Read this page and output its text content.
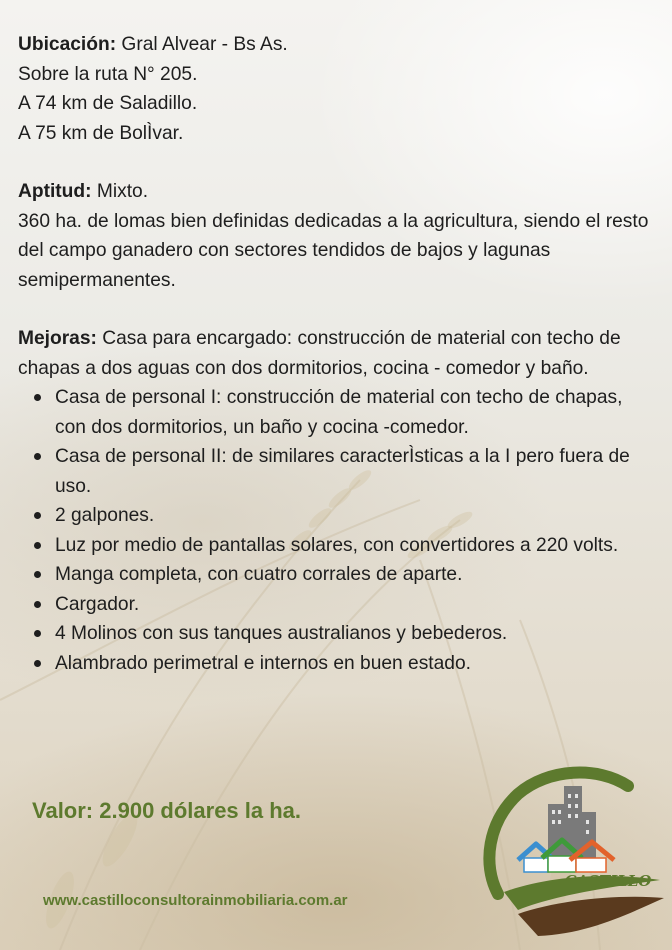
Ubicación: Gral Alvear - Bs As.

Sobre la ruta N° 205.

A 74 km de Saladillo.

A 75 km de BolÌvar.

Aptitud: Mixto.

360 ha. de lomas bien definidas dedicadas a la agricultura, siendo el resto del campo ganadero con sectores tendidos de bajos y lagunas semipermanentes.

Mejoras: Casa para encargado: construcción de material con techo de chapas a dos aguas con dos dormitorios, cocina - comedor y baño.

Casa de personal I: construcción de material con techo de chapas, con dos dormitorios, un baño y cocina -comedor.
Casa de personal II: de similares caracterÌsticas a la I pero fuera de uso.
2 galpones.
Luz por medio de pantallas solares, con convertidores a 220 volts.
Manga completa, con cuatro corrales de aparte.
Cargador.
4 Molinos con sus tanques australianos y bebederos.
Alambrado perimetral e internos en buen estado.
Valor: 2.900 dólares la ha.
www.castilloconsultorainmobiliaria.com.ar
